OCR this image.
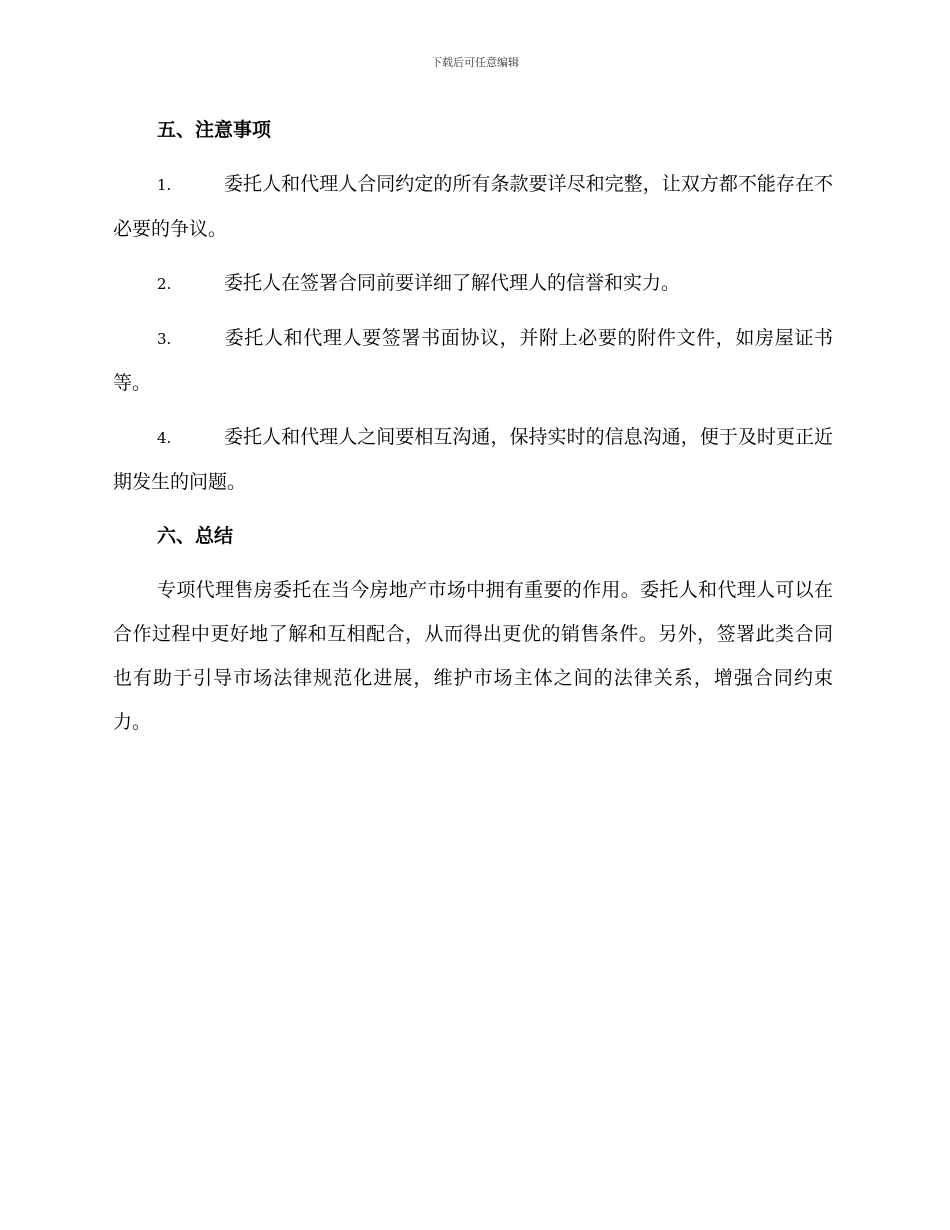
下载后可任意编辑
五、注意事项
1.	委托人和代理人合同约定的所有条款要详尽和完整，让双方都不能存在不必要的争议。
2.	委托人在签署合同前要详细了解代理人的信誉和实力。
3.	委托人和代理人要签署书面协议，并附上必要的附件文件，如房屋证书等。
4.	委托人和代理人之间要相互沟通，保持实时的信息沟通，便于及时更正近期发生的问题。
六、总结
专项代理售房委托在当今房地产市场中拥有重要的作用。委托人和代理人可以在合作过程中更好地了解和互相配合，从而得出更优的销售条件。另外，签署此类合同也有助于引导市场法律规范化进展，维护市场主体之间的法律关系，增强合同约束力。
